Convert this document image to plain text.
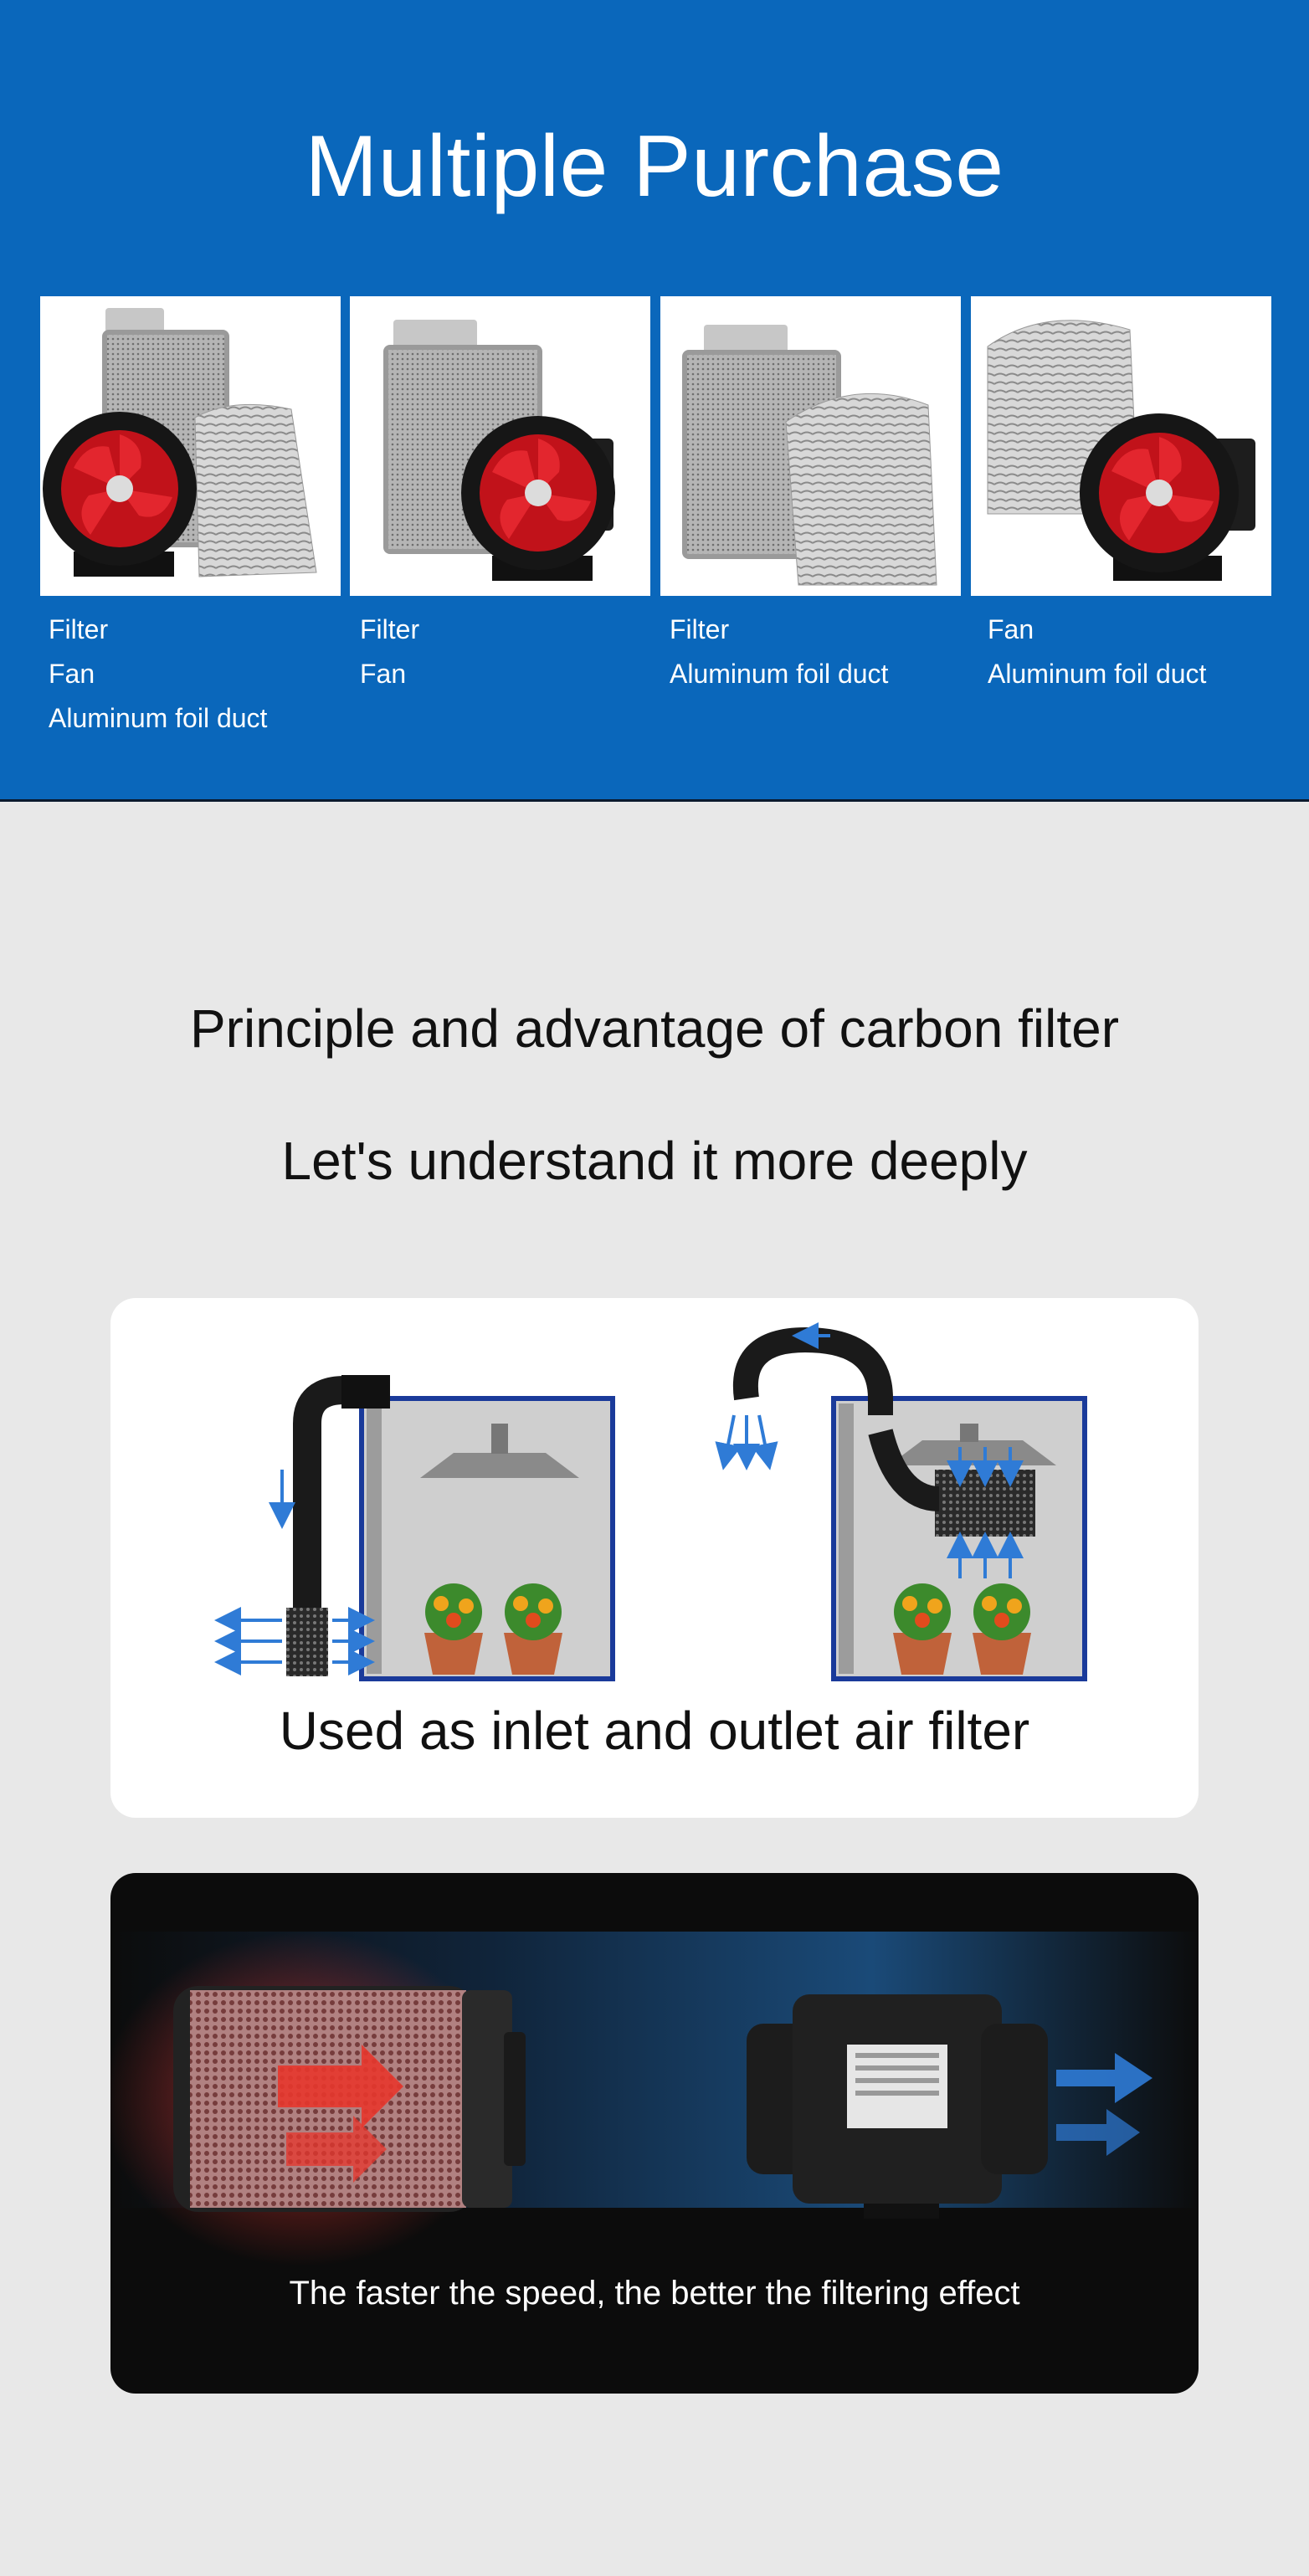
Multiple Purchase
Filter
Fan
Aluminum foil duct
Filter
Fan
Filter
Aluminum foil duct
Fan
Aluminum foil duct
Principle and advantage of carbon filter
Let's understand it more deeply
Used as inlet and outlet air filter
The faster the speed, the better the filtering effect
